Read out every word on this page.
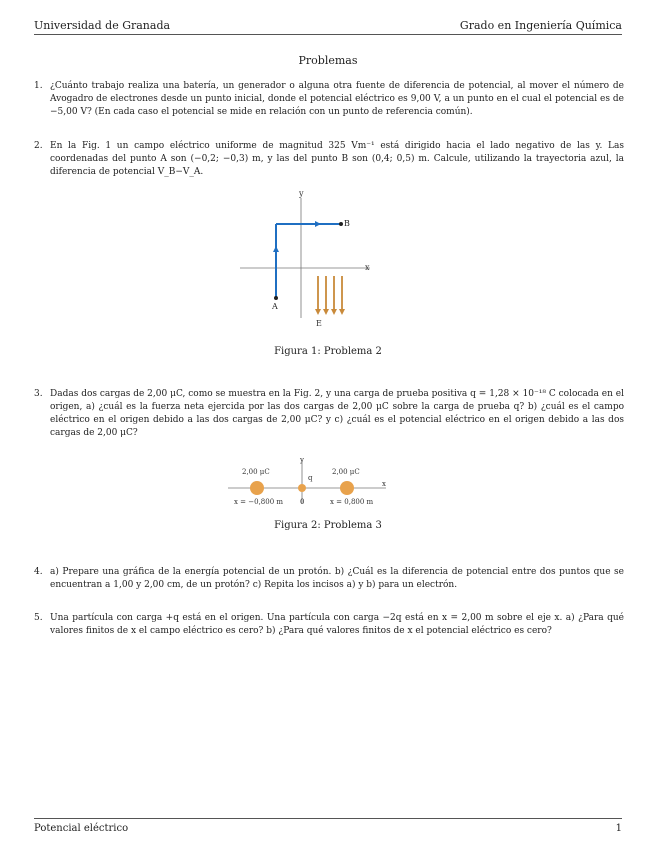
Universidad de Granada	Grado en Ingeniería Química
Problemas
1. ¿Cuánto trabajo realiza una batería, un generador o alguna otra fuente de diferencia de potencial, al mover el número de Avogadro de electrones desde un punto inicial, donde el potencial eléctrico es 9,00 V, a un punto en el cual el potencial es de −5,00 V? (En cada caso el potencial se mide en relación con un punto de referencia común).
2. En la Fig. 1 un campo eléctrico uniforme de magnitud 325 Vm⁻¹ está dirigido hacia el lado negativo de las y. Las coordenadas del punto A son (−0,2; −0,3) m, y las del punto B son (0,4; 0,5) m. Calcule, utilizando la trayectoria azul, la diferencia de potencial V_B−V_A.
y
x
A
B
E
Figura 1: Problema 2
3. Dadas dos cargas de 2,00 μC, como se muestra en la Fig. 2, y una carga de prueba positiva q = 1,28 × 10⁻¹⁸ C colocada en el origen, a) ¿cuál es la fuerza neta ejercida por las dos cargas de 2,00 μC sobre la carga de prueba q? b) ¿cuál es el campo eléctrico en el origen debido a las dos cargas de 2,00 μC? y c) ¿cuál es el potencial eléctrico en el origen debido a las dos cargas de 2,00 μC?
y
x
q
2,00 μC	2,00 μC
x = −0,800 m 0	x = 0,800 m
Figura 2: Problema 3
4. a) Prepare una gráfica de la energía potencial de un protón. b) ¿Cuál es la diferencia de potencial entre dos puntos que se encuentran a 1,00 y 2,00 cm, de un protón? c) Repita los incisos a) y b) para un electrón.
5. Una partícula con carga +q está en el origen. Una partícula con carga −2q está en x = 2,00 m sobre el eje x. a) ¿Para qué valores finitos de x el campo eléctrico es cero? b) ¿Para qué valores finitos de x el potencial eléctrico es cero?
Potencial eléctrico	1
